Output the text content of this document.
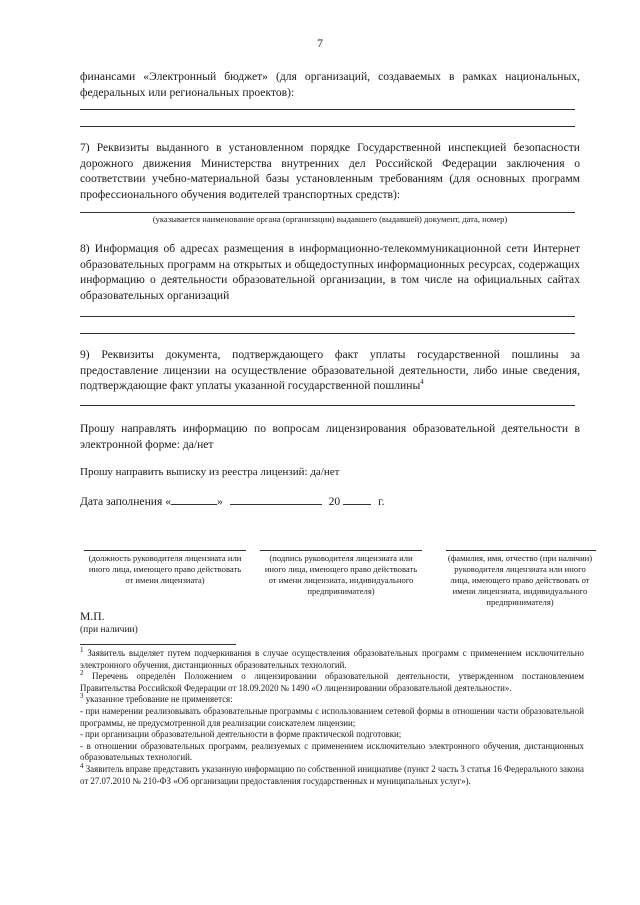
7
финансами «Электронный бюджет» (для организаций, создаваемых в рамках национальных, федеральных или региональных проектов):
7) Реквизиты выданного в установленном порядке Государственной инспекцией безопасности дорожного движения Министерства внутренних дел Российской Федерации заключения о соответствии учебно-материальной базы установленным требованиям (для основных программ профессионального обучения водителей транспортных средств):
(указывается наименование органа (организации) выдавшего (выдавшей) документ, дата, номер)
8) Информация об адресах размещения в информационно-телекоммуникационной сети Интернет образовательных программ на открытых и общедоступных информационных ресурсах, содержащих информацию о деятельности образовательной организации, в том числе на официальных сайтах образовательных организаций
9) Реквизиты документа, подтверждающего факт уплаты государственной пошлины за предоставление лицензии на осуществление образовательной деятельности, либо иные сведения, подтверждающие факт уплаты указанной государственной пошлины$^4$
Прошу направлять информацию по вопросам лицензирования образовательной деятельности в электронной форме: да/нет
Прошу направить выписку из реестра лицензий: да/нет
Дата заполнения «	»	20	г.
(должность руководителя лицензиата или иного лица, имеющего право действовать от имени лицензиата)
(подпись руководителя лицензиата или иного лица, имеющего право действовать от имени лицензиата, индивидуального предпринимателя)
(фамилия, имя, отчество (при наличии) руководителя лицензиата или иного лица, имеющего право действовать от имени лицензиата, индивидуального предпринимателя)
М.П.
(при наличии)

$^1$ Заявитель выделяет путем подчеркивания в случае осуществления образовательных программ с применением исключительно электронного обучения, дистанционных образовательных технологий.

$^2$ Перечень определён Положением о лицензировании образовательной деятельности, утвержденном постановлением Правительства Российской Федерации от 18.09.2020 № 1490 «О лицензировании образовательной деятельности».

$^3$ указанное требование не применяется:

- при намерении реализовывать образовательные программы с использованием сетевой формы в отношении части образовательной программы, не предусмотренной для реализации соискателем лицензии;

- при организации образовательной деятельности в форме практической подготовки;

- в отношении образовательных программ, реализуемых с применением исключительно электронного обучения, дистанционных образовательных технологий.

$^4$ Заявитель вправе представить указанную информацию по собственной инициативе (пункт 2 часть 3 статья 16 Федерального закона от 27.07.2010 № 210-ФЗ «Об организации предоставления государственных и муниципальных услуг»).
